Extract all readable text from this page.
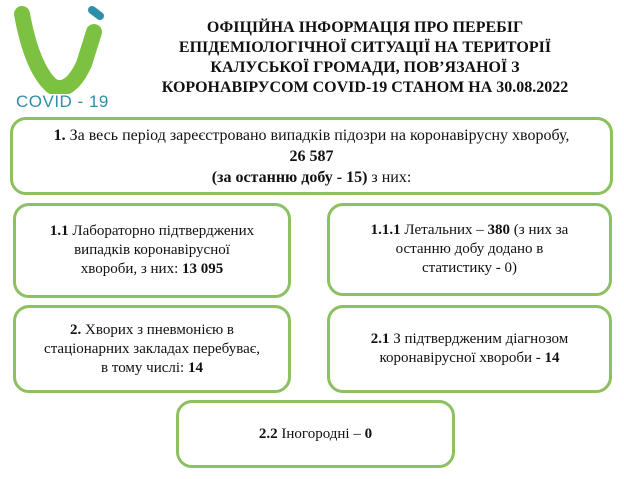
COVID - 19
ОФІЦІЙНА ІНФОРМАЦІЯ ПРО ПЕРЕБІГ
ЕПІДЕМІОЛОГІЧНОЇ СИТУАЦІЇ НА ТЕРИТОРІЇ
КАЛУСЬКОЇ ГРОМАДИ, ПОВ’ЯЗАНОЇ З
КОРОНАВІРУСОМ COVID-19 СТАНОМ НА 30.08.2022
1. За весь період зареєстровано випадків підозри на коронавірусну хворобу,
26 587
(за останню добу - 15) з них:
1.1 Лабораторно підтверджених
випадків коронавірусної
хвороби, з них: 13 095
1.1.1 Летальних – 380 (з них за
останню добу додано в
статистику - 0)
2. Хворих з пневмонією в
стаціонарних закладах перебуває,
в тому числі: 14
2.1 З підтвердженим діагнозом
коронавірусної хвороби - 14
2.2 Іногородні – 0
